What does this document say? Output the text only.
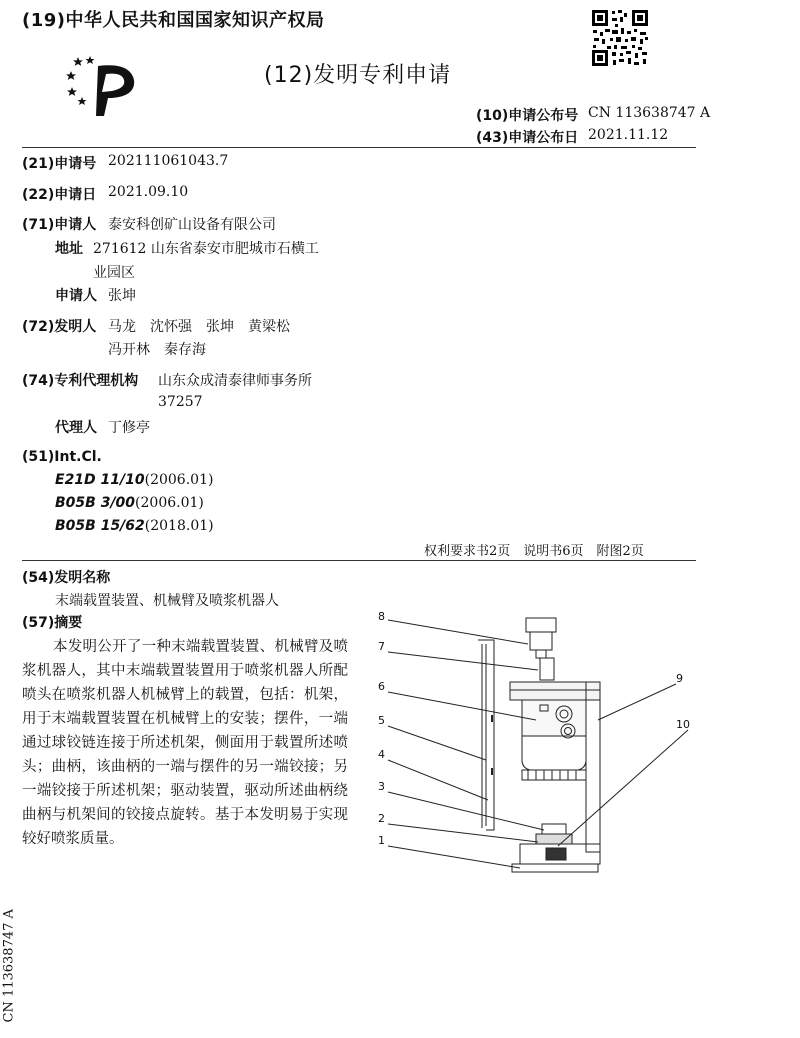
(19)中华人民共和国国家知识产权局
(12)发明专利申请
(10)申请公布号 CN 113638747 A
(43)申请公布日 2021.11.12
(21)申请号 202111061043.7
(22)申请日 2021.09.10
(71)申请人 泰安科创矿山设备有限公司
地址 271612 山东省泰安市肥城市石横工
业园区
申请人 张坤
(72)发明人 马龙　沈怀强　张坤　黄梁松
冯开林　秦存海
(74)专利代理机构 山东众成清泰律师事务所
37257
代理人 丁修亭
(51)Int.Cl.
E21D 11/10(2006.01)
B05B 3/00(2006.01)
B05B 15/62(2018.01)
权利要求书2页　说明书6页　附图2页
(54)发明名称
末端载置装置、机械臂及喷浆机器人
(57)摘要
本发明公开了一种末端载置装置、机械臂及喷浆机器人，其中末端载置装置用于喷浆机器人所配喷头在喷浆机器人机械臂上的载置，包括：机架，用于末端载置装置在机械臂上的安装；摆件，一端通过球铰链连接于所述机架，侧面用于载置所述喷头；曲柄，该曲柄的一端与摆件的另一端铰接；另一端铰接于所述机架；驱动装置，驱动所述曲柄绕曲柄与机架间的铰接点旋转。基于本发明易于实现较好喷浆质量。
8
7
6
5
4
3
2
1
9
10
CN 113638747 A
